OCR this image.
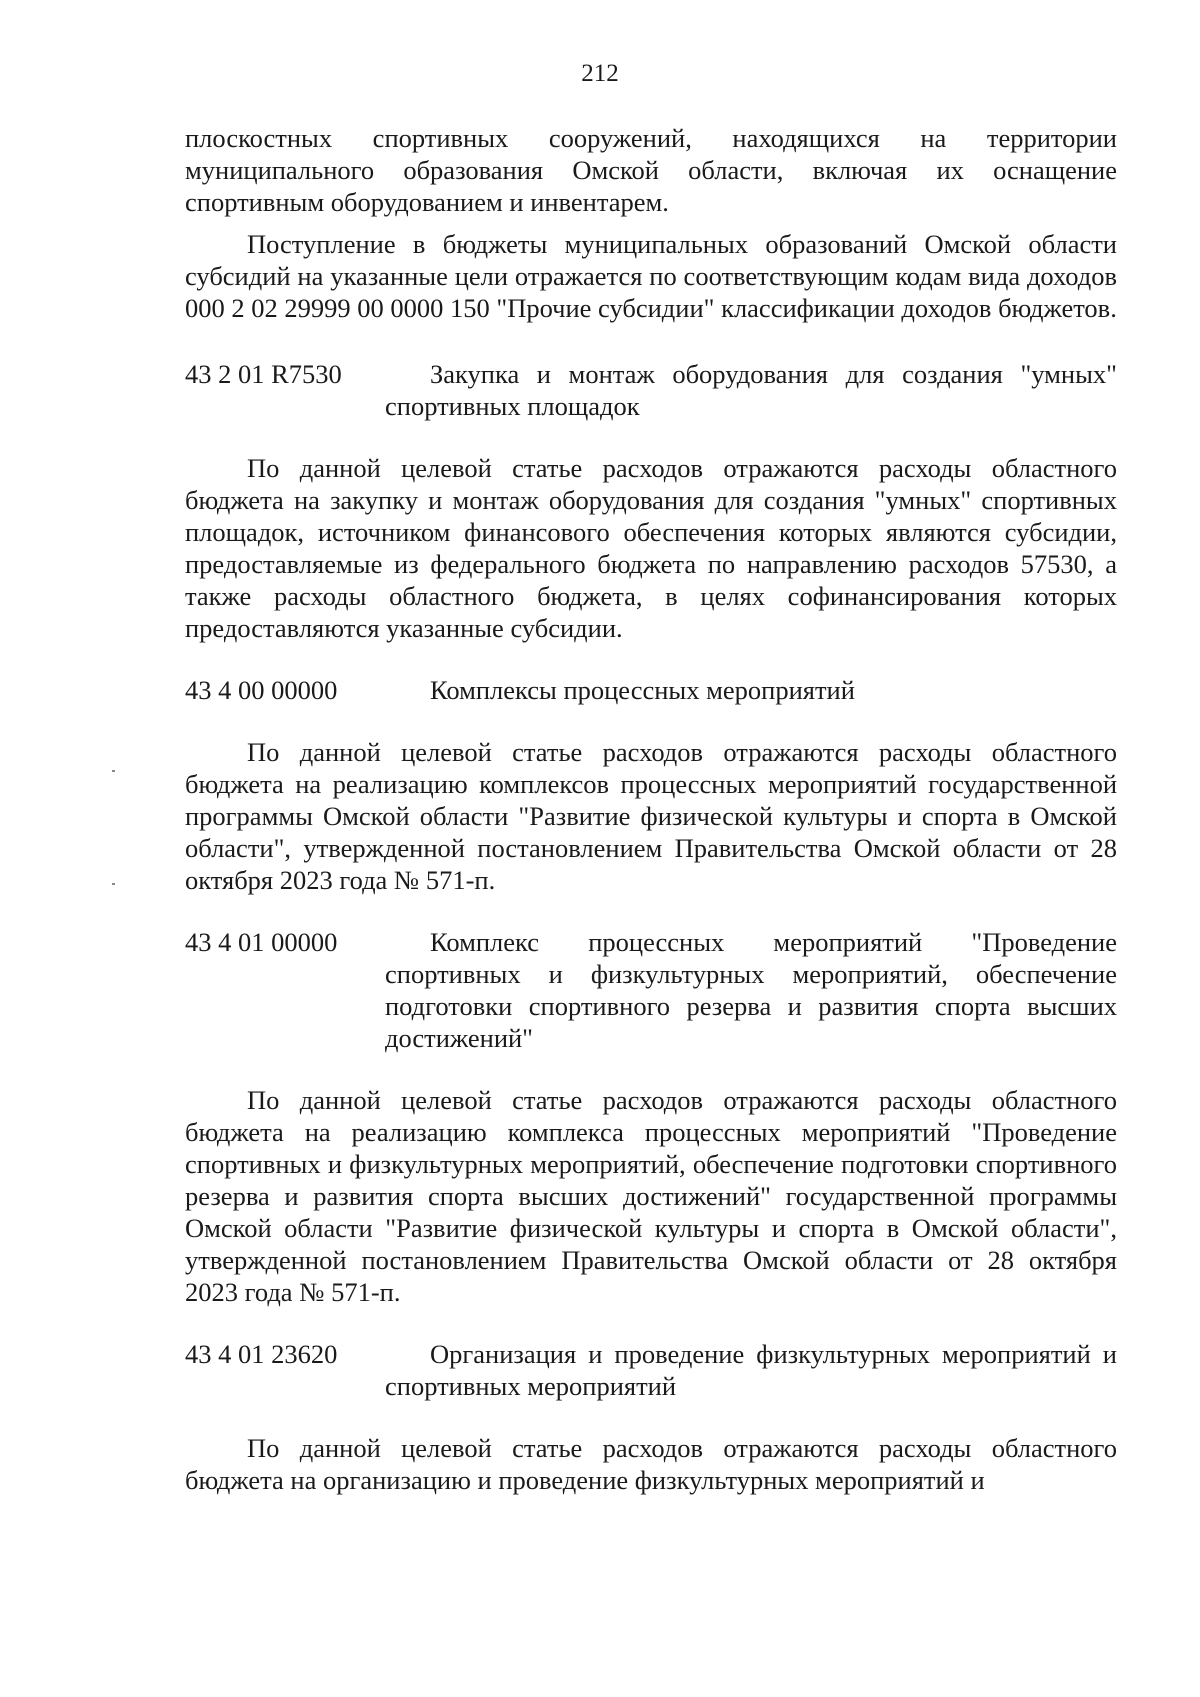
212

плоскостных спортивных сооружений, находящихся на территории муниципального образования Омской области, включая их оснащение спортивным оборудованием и инвентарем.

Поступление в бюджеты муниципальных образований Омской области субсидий на указанные цели отражается по соответствующим кодам вида доходов 000 2 02 29999 00 0000 150 "Прочие субсидии" классификации доходов бюджетов.

43 2 01 R7530	Закупка и монтаж оборудования для создания "умных" спортивных площадок

По данной целевой статье расходов отражаются расходы областного бюджета на закупку и монтаж оборудования для создания "умных" спортивных площадок, источником финансового обеспечения которых являются субсидии, предоставляемые из федерального бюджета по направлению расходов 57530, а также расходы областного бюджета, в целях софинансирования которых предоставляются указанные субсидии.

43 4 00 00000	Комплексы процессных мероприятий

По данной целевой статье расходов отражаются расходы областного бюджета на реализацию комплексов процессных мероприятий государственной программы Омской области "Развитие физической культуры и спорта в Омской области", утвержденной постановлением Правительства Омской области от 28 октября 2023 года № 571-п.

43 4 01 00000	Комплекс процессных мероприятий "Проведение спортивных и физкультурных мероприятий, обеспечение подготовки спортивного резерва и развития спорта высших достижений"

По данной целевой статье расходов отражаются расходы областного бюджета на реализацию комплекса процессных мероприятий "Проведение спортивных и физкультурных мероприятий, обеспечение подготовки спортивного резерва и развития спорта высших достижений" государственной программы Омской области "Развитие физической культуры и спорта в Омской области", утвержденной постановлением Правительства Омской области от 28 октября 2023 года № 571-п.

43 4 01 23620	Организация и проведение физкультурных мероприятий и спортивных мероприятий

По данной целевой статье расходов отражаются расходы областного бюджета на организацию и проведение физкультурных мероприятий и
